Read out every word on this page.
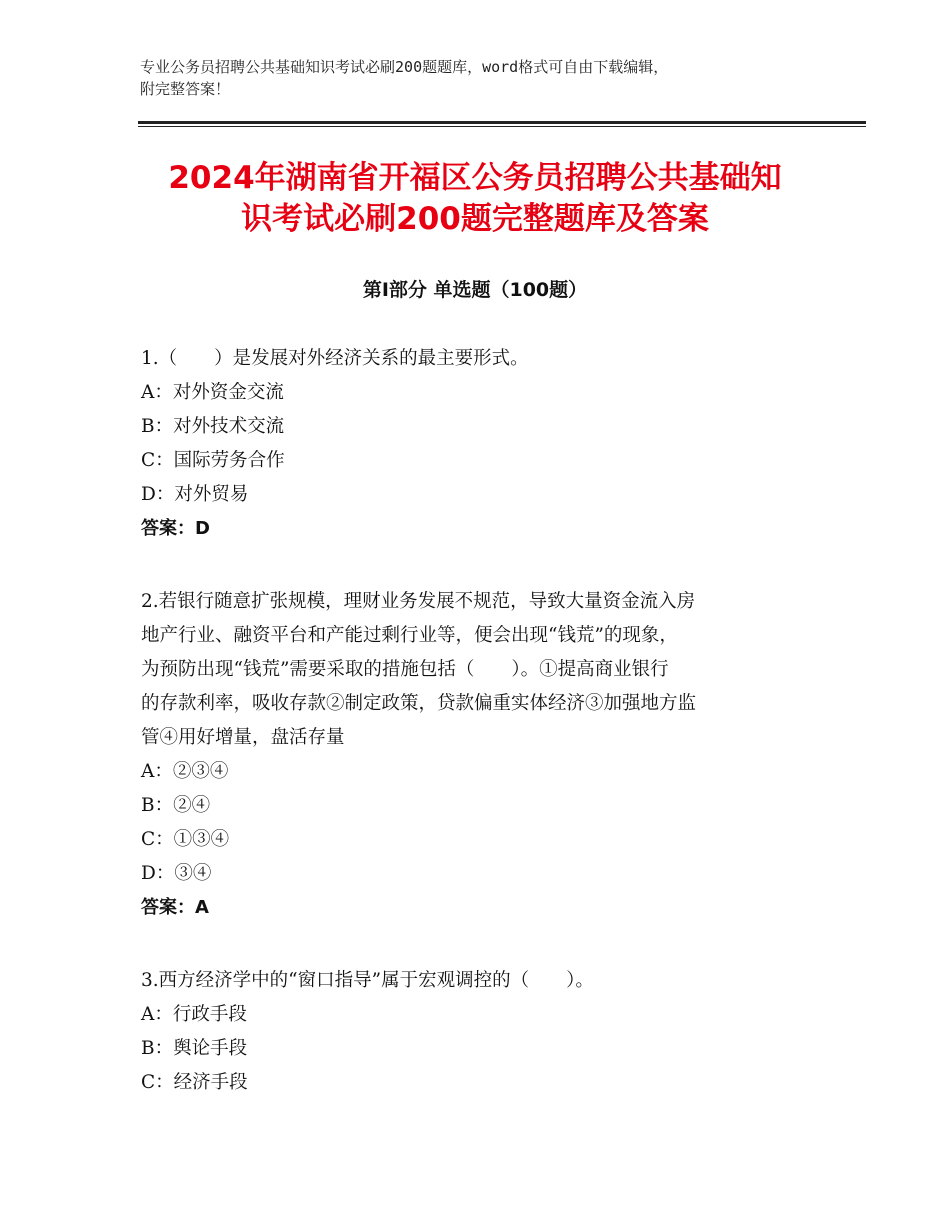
专业公务员招聘公共基础知识考试必刷200题题库，word格式可自由下载编辑，
附完整答案！
2024年湖南省开福区公务员招聘公共基础知
识考试必刷200题完整题库及答案
第Ⅰ部分 单选题（100题）
1.（　　）是发展对外经济关系的最主要形式。
A：对外资金交流
B：对外技术交流
C：国际劳务合作
D：对外贸易
答案：D
2.若银行随意扩张规模，理财业务发展不规范，导致大量资金流入房
地产行业、融资平台和产能过剩行业等，便会出现“钱荒”的现象，
为预防出现“钱荒”需要采取的措施包括（　　）。①提高商业银行
的存款利率，吸收存款②制定政策，贷款偏重实体经济③加强地方监
管④用好增量，盘活存量
A：②③④
B：②④
C：①③④
D：③④
答案：A
3.西方经济学中的“窗口指导”属于宏观调控的（　　）。
A：行政手段
B：舆论手段
C：经济手段
